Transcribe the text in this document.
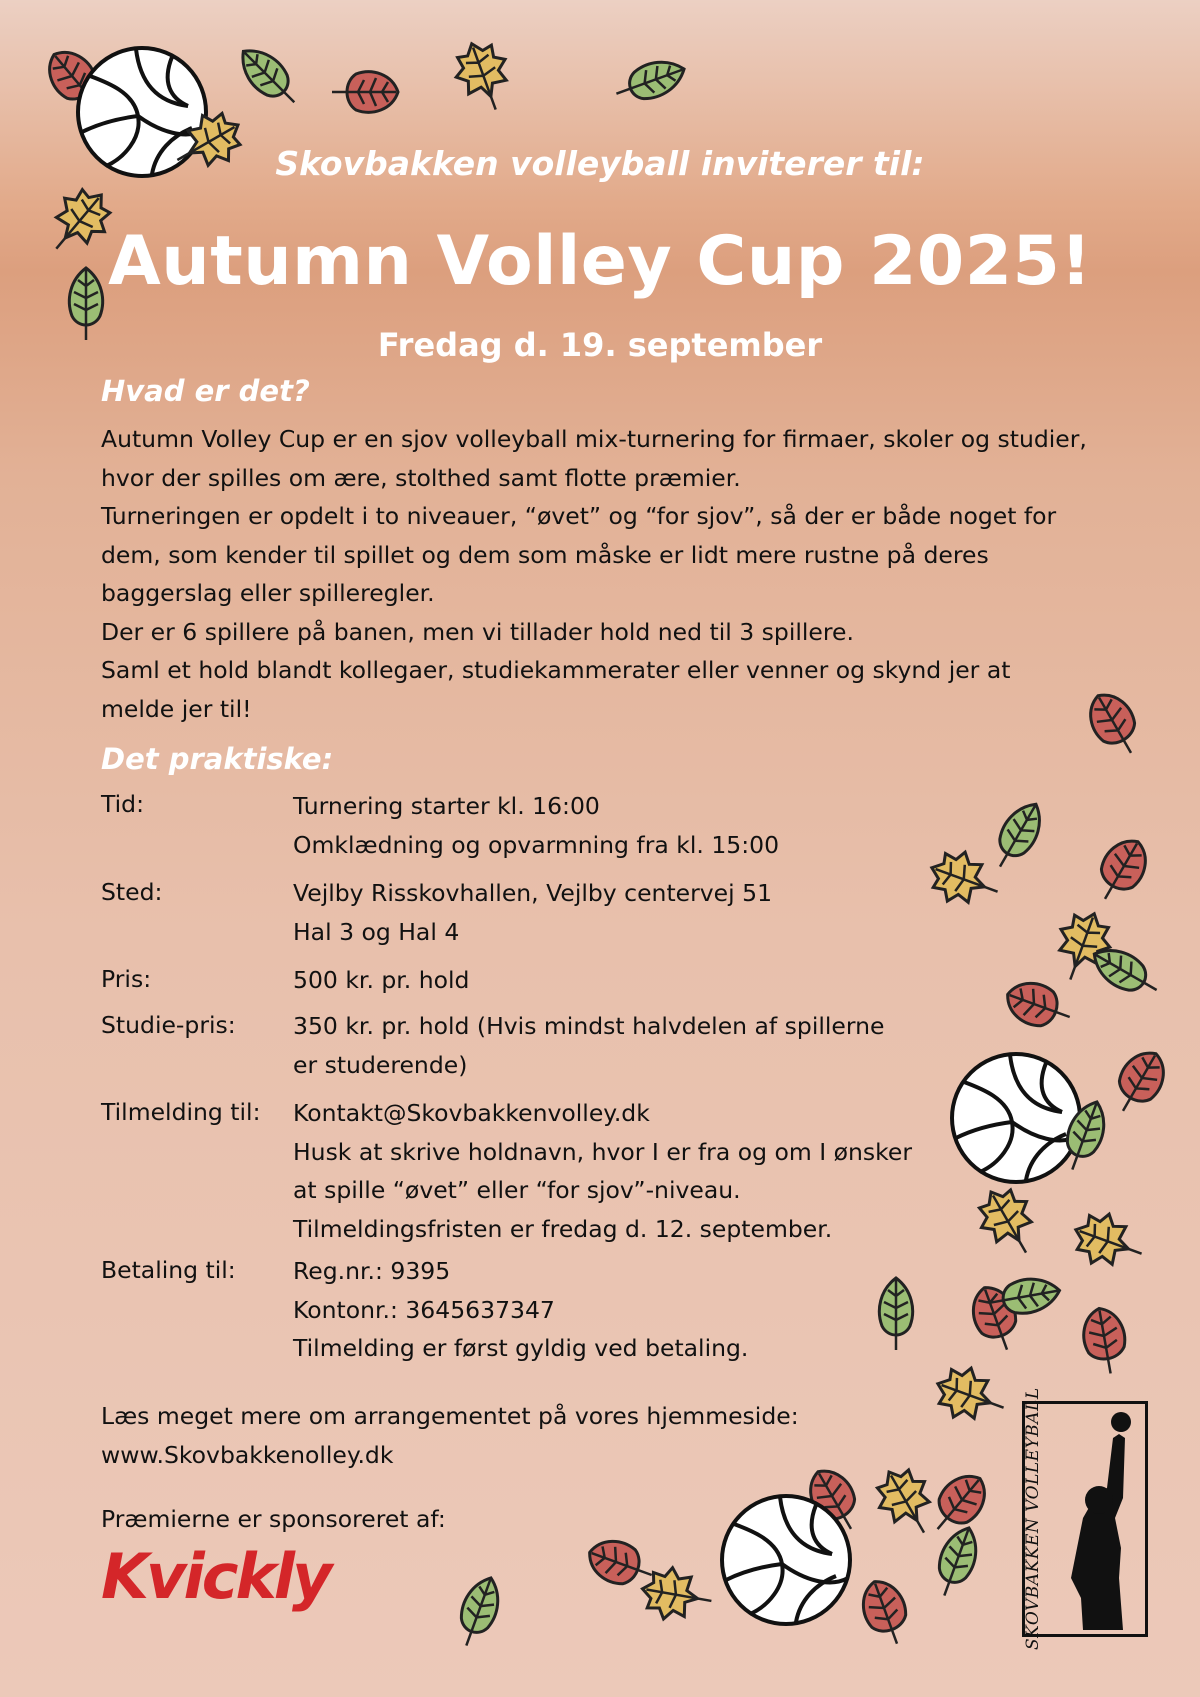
Skovbakken volleyball inviterer til:
Autumn Volley Cup 2025!
Fredag d. 19. september
Hvad er det?
Autumn Volley Cup er en sjov volleyball mix-turnering for firmaer, skoler og studier,
hvor der spilles om ære, stolthed samt flotte præmier.
Turneringen er opdelt i to niveauer, “øvet” og “for sjov”, så der er både noget for
dem, som kender til spillet og dem som måske er lidt mere rustne på deres
baggerslag eller spilleregler.
Der er 6 spillere på banen, men vi tillader hold ned til 3 spillere.
Saml et hold blandt kollegaer, studiekammerater eller venner og skynd jer at
melde jer til!
Det praktiske:
Tid:	Turnering starter kl. 16:00
Omklædning og opvarmning fra kl. 15:00
Sted:	Vejlby Risskovhallen, Vejlby centervej 51
Hal 3 og Hal 4
Pris:	500 kr. pr. hold
Studie-pris: 350 kr. pr. hold (Hvis mindst halvdelen af spillerne
er studerende)
Tilmelding til: Kontakt@Skovbakkenvolley.dk
Husk at skrive holdnavn, hvor I er fra og om I ønsker
at spille “øvet” eller “for sjov”-niveau.
Tilmeldingsfristen er fredag d. 12. september.
Betaling til: Reg.nr.: 9395
Kontonr.: 3645637347
Tilmelding er først gyldig ved betaling.
Læs meget mere om arrangementet på vores hjemmeside:
www.Skovbakkenolley.dk
Præmierne er sponsoreret af:
Kvickly	SKOVBAKKEN VOLLEYBALL
